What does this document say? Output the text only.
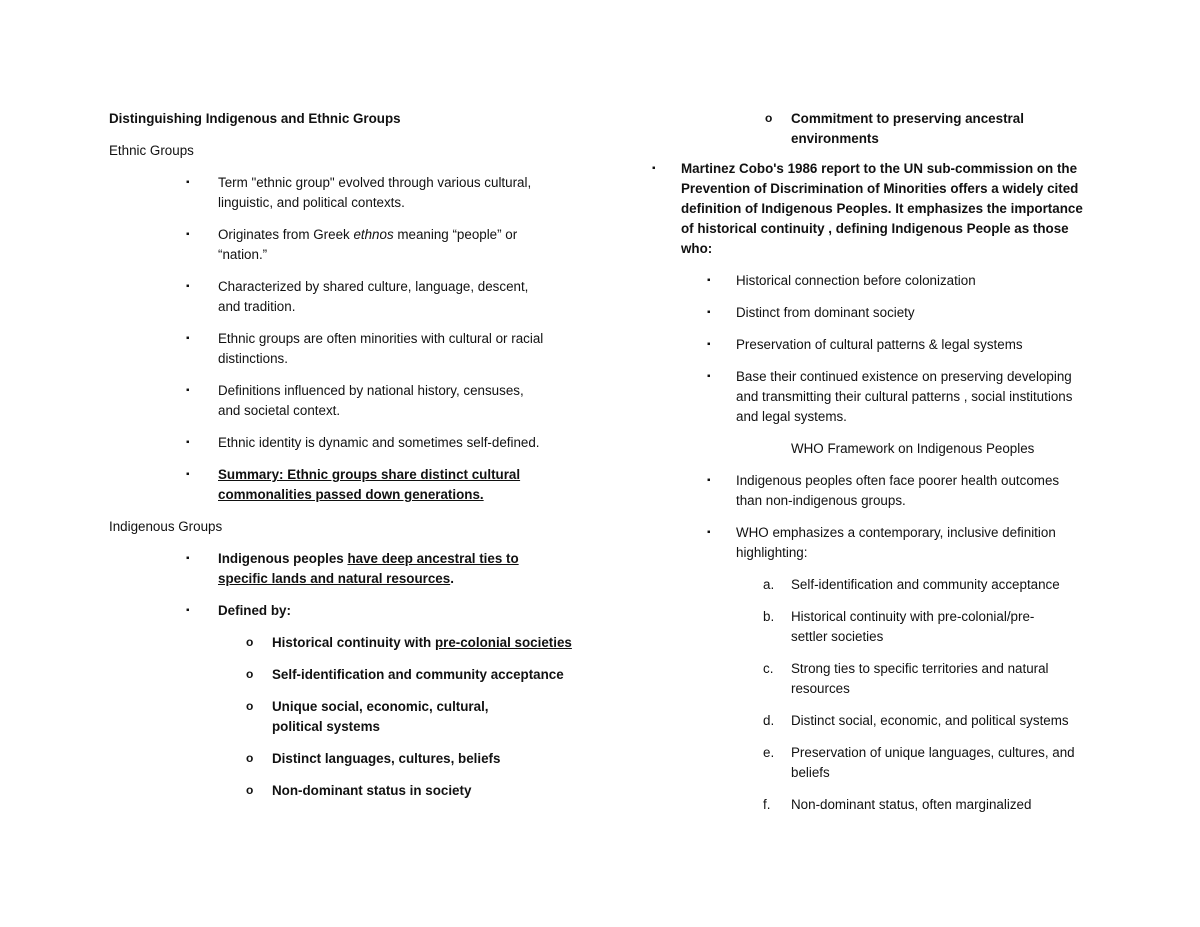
Distinguishing Indigenous and Ethnic Groups
Ethnic Groups
▪ Term "ethnic group" evolved through various cultural, linguistic, and political contexts.
▪ Originates from Greek ethnos meaning “people” or “nation.”
▪ Characterized by shared culture, language, descent, and tradition.
▪ Ethnic groups are often minorities with cultural or racial distinctions.
▪ Definitions influenced by national history, censuses, and societal context.
▪ Ethnic identity is dynamic and sometimes self-defined.
▪ Summary: Ethnic groups share distinct cultural commonalities passed down generations.
Indigenous Groups
▪ Indigenous peoples have deep ancestral ties to specific lands and natural resources.
▪ Defined by:
o Historical continuity with pre-colonial societies
o Self-identification and community acceptance
o Unique social, economic, cultural, political systems
o Distinct languages, cultures, beliefs
o Non-dominant status in society
o Commitment to preserving ancestral environments
▪ Martinez Cobo's 1986 report to the UN sub-commission on the Prevention of Discrimination of Minorities offers a widely cited definition of Indigenous Peoples. It emphasizes the importance of historical continuity , defining Indigenous People as those who:
▪ Historical connection before colonization
▪ Distinct from dominant society
▪ Preservation of cultural patterns & legal systems
▪ Base their continued existence on preserving developing and transmitting their cultural patterns , social institutions and legal systems.
WHO Framework on Indigenous Peoples
▪ Indigenous peoples often face poorer health outcomes than non-indigenous groups.
▪ WHO emphasizes a contemporary, inclusive definition highlighting:
a. Self-identification and community acceptance
b. Historical continuity with pre-colonial/pre-settler societies
c. Strong ties to specific territories and natural resources
d. Distinct social, economic, and political systems
e. Preservation of unique languages, cultures, and beliefs
f. Non-dominant status, often marginalized
